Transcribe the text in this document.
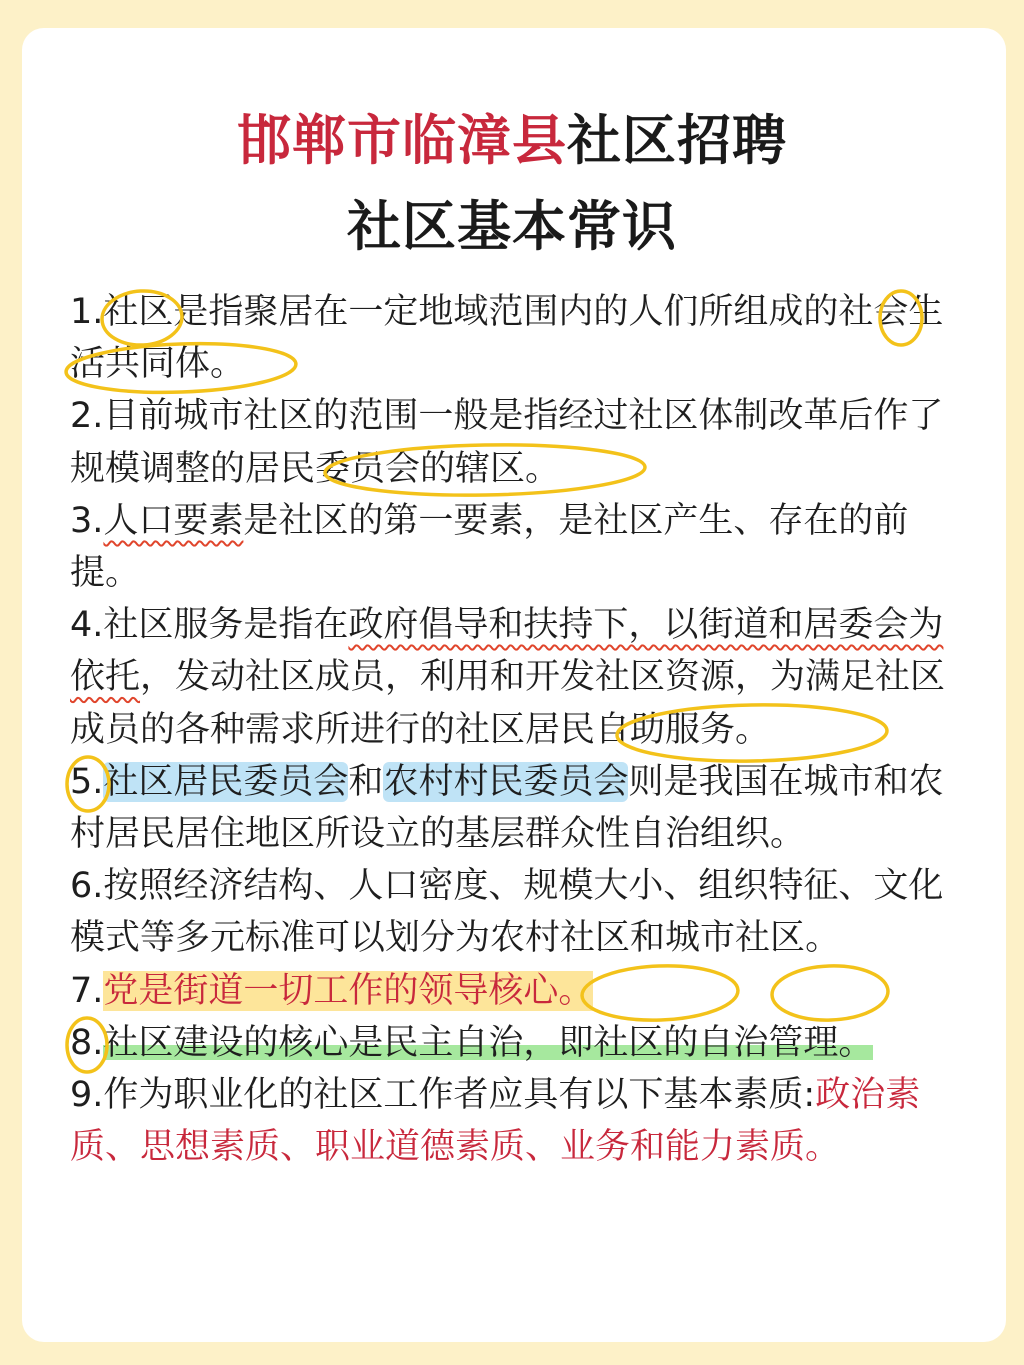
邯郸市临漳县社区招聘
社区基本常识

1.社区是指聚居在一定地域范围内的人们所组成的社会生活共同体。

2.目前城市社区的范围一般是指经过社区体制改革后作了规模调整的居民委员会的辖区。

3.人口要素是社区的第一要素，是社区产生、存在的前提。

4.社区服务是指在政府倡导和扶持下，以街道和居委会为依托，发动社区成员，利用和开发社区资源，为满足社区成员的各种需求所进行的社区居民自助服务。

5.社区居民委员会和农村村民委员会则是我国在城市和农村居民居住地区所设立的基层群众性自治组织。

6.按照经济结构、人口密度、规模大小、组织特征、文化模式等多元标准可以划分为农村社区和城市社区。

7.党是街道一切工作的领导核心。

8.社区建设的核心是民主自治，即社区的自治管理。

9.作为职业化的社区工作者应具有以下基本素质:政治素质、思想素质、职业道德素质、业务和能力素质。
